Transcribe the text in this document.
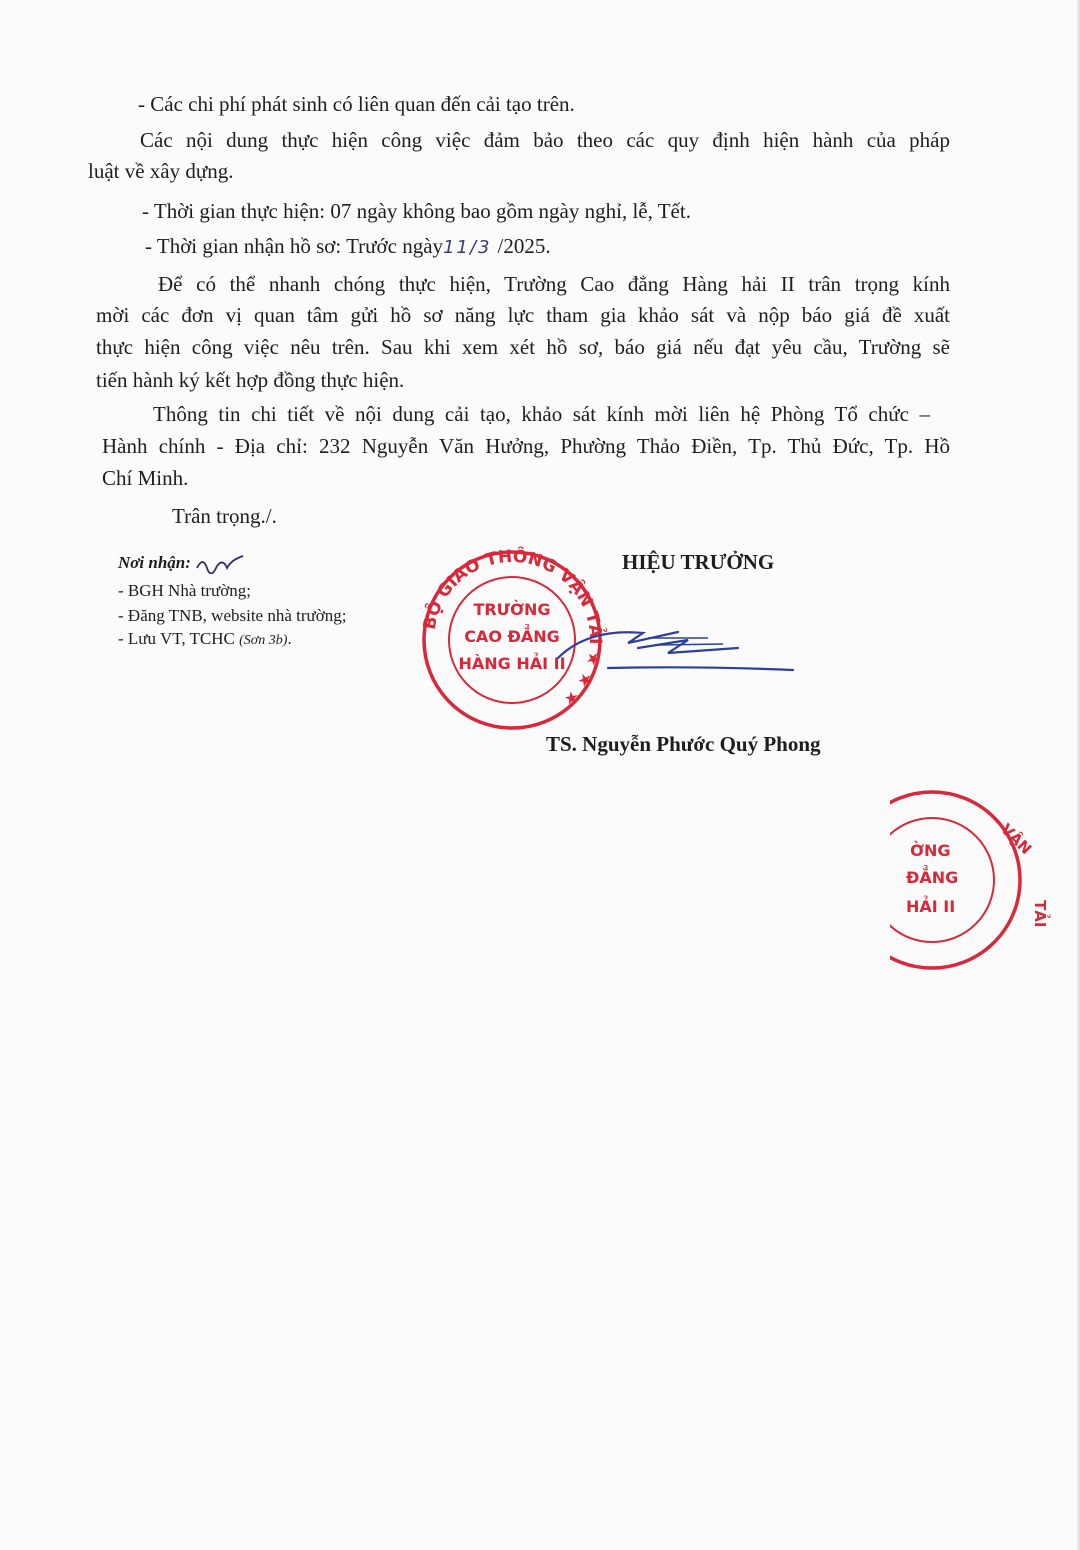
- Các chi phí phát sinh có liên quan đến cải tạo trên.
Các nội dung thực hiện công việc đảm bảo theo các quy định hiện hành của pháp
luật về xây dựng.
- Thời gian thực hiện: 07 ngày không bao gồm ngày nghỉ, lễ, Tết.
- Thời gian nhận hồ sơ: Trước ngày11/3 /2025.
Để có thể nhanh chóng thực hiện, Trường Cao đẳng Hàng hải II trân trọng kính
mời các đơn vị quan tâm gửi hồ sơ năng lực tham gia khảo sát và nộp báo giá đề xuất
thực hiện công việc nêu trên. Sau khi xem xét hồ sơ, báo giá nếu đạt yêu cầu, Trường sẽ
tiến hành ký kết hợp đồng thực hiện.
Thông tin chi tiết về nội dung cải tạo, khảo sát kính mời liên hệ Phòng Tổ chức –
Hành chính - Địa chỉ: 232 Nguyễn Văn Hưởng, Phường Thảo Điền, Tp. Thủ Đức, Tp. Hồ
Chí Minh.
Trân trọng./.
Nơi nhận:
- BGH Nhà trường;
- Đăng TNB, website nhà trường;
- Lưu VT, TCHC (Sơn 3b).
HIỆU TRƯỞNG
BỘ GIAO THÔNG VẬN TẢI ★ ★ ★
TRƯỜNG
CAO ĐẲNG
HÀNG HẢI II
TS. Nguyễn Phước Quý Phong
ỜNG
ĐẲNG
HẢI II
VẬN
TẢI
